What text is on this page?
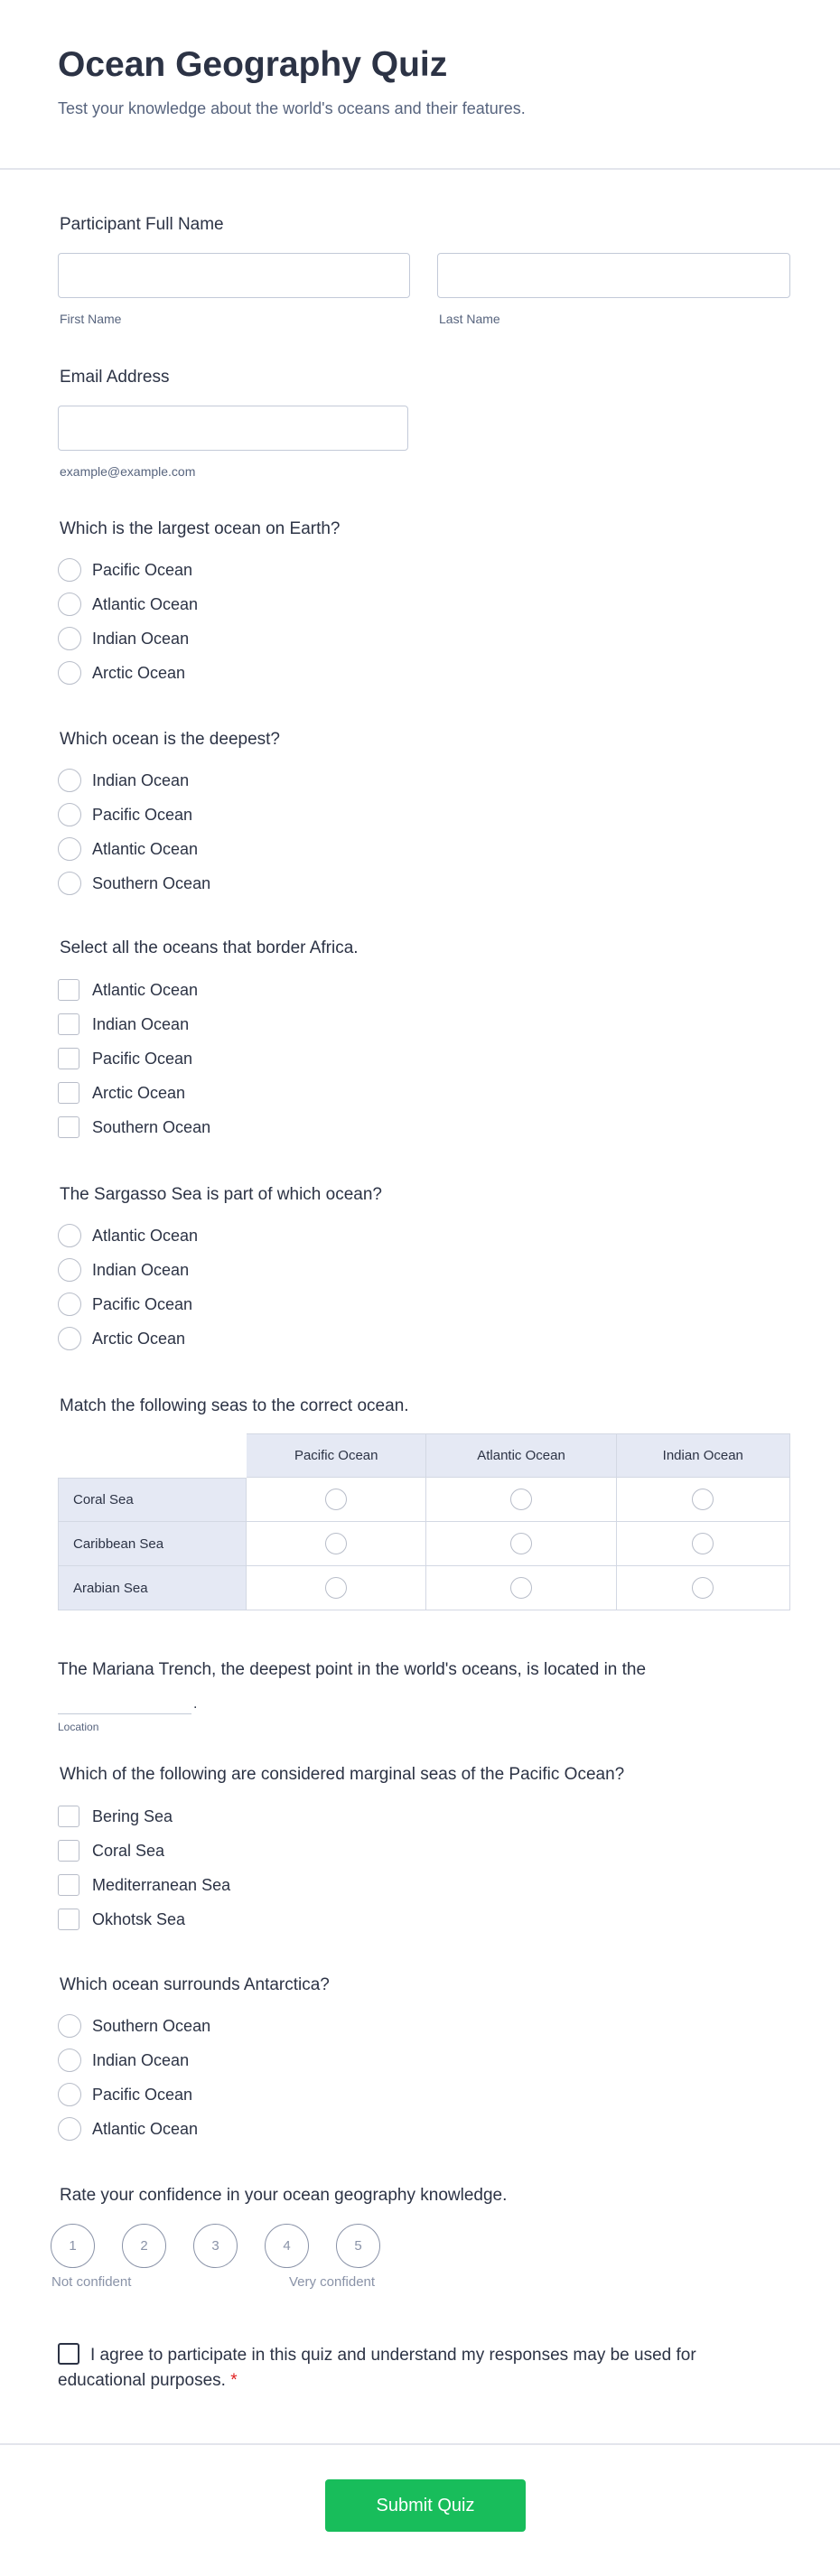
Ocean Geography Quiz
Test your knowledge about the world's oceans and their features.
Participant Full Name
First Name	Last Name
Email Address
example@example.com
Which is the largest ocean on Earth?
Pacific Ocean
Atlantic Ocean
Indian Ocean
Arctic Ocean
Which ocean is the deepest?
Indian Ocean
Pacific Ocean
Atlantic Ocean
Southern Ocean
Select all the oceans that border Africa.
Atlantic Ocean
Indian Ocean
Pacific Ocean
Arctic Ocean
Southern Ocean
The Sargasso Sea is part of which ocean?
Atlantic Ocean
Indian Ocean
Pacific Ocean
Arctic Ocean
Which of the following are considered marginal seas of the Pacific Ocean?
Bering Sea
Coral Sea
Mediterranean Sea
Okhotsk Sea
Which ocean surrounds Antarctica?
Southern Ocean
Indian Ocean
Pacific Ocean
Atlantic Ocean
Match the following seas to the correct ocean.
	Pacific Ocean	Atlantic Ocean	Indian Ocean
Coral Sea			
Caribbean Sea			
Arabian Sea			
The Mariana Trench, the deepest point in the world's oceans, is located in the
.
Location
Rate your confidence in your ocean geography knowledge.
1	2	3	4	5
Not confident	Very confident
I agree to participate in this quiz and understand my responses may be used for educational purposes. *
Submit Quiz
